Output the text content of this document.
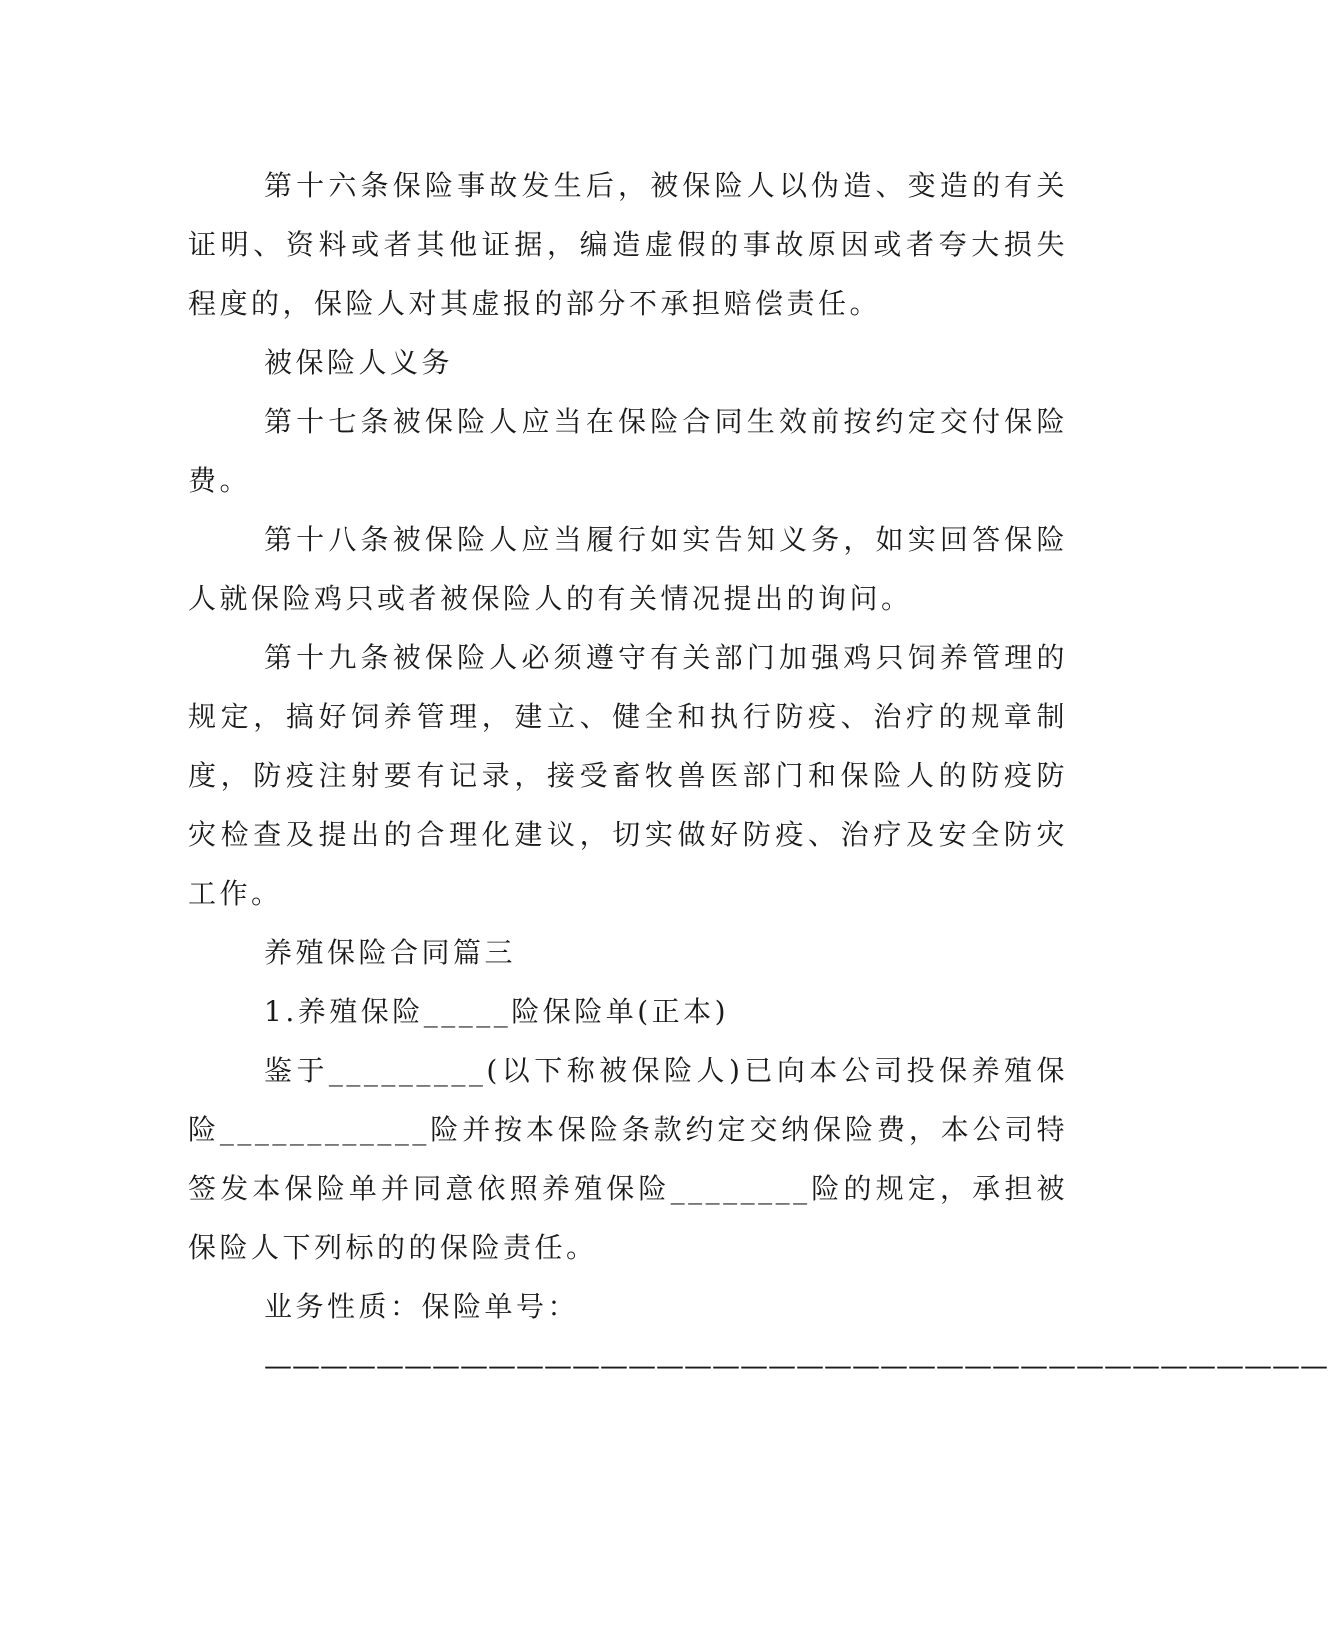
第十六条保险事故发生后，被保险人以伪造、变造的有关证明、资料或者其他证据，编造虚假的事故原因或者夸大损失程度的，保险人对其虚报的部分不承担赔偿责任。

被保险人义务

第十七条被保险人应当在保险合同生效前按约定交付保险费。

第十八条被保险人应当履行如实告知义务，如实回答保险人就保险鸡只或者被保险人的有关情况提出的询问。

第十九条被保险人必须遵守有关部门加强鸡只饲养管理的规定，搞好饲养管理，建立、健全和执行防疫、治疗的规章制度，防疫注射要有记录，接受畜牧兽医部门和保险人的防疫防灾检查及提出的合理化建议，切实做好防疫、治疗及安全防灾工作。

养殖保险合同篇三

1.养殖保险_____险保险单(正本)

鉴于_________(以下称被保险人)已向本公司投保养殖保险____________险并按本保险条款约定交纳保险费，本公司特签发本保险单并同意依照养殖保险________险的规定，承担被保险人下列标的的保险责任。

业务性质：保险单号：

——————————————————————————————————————
